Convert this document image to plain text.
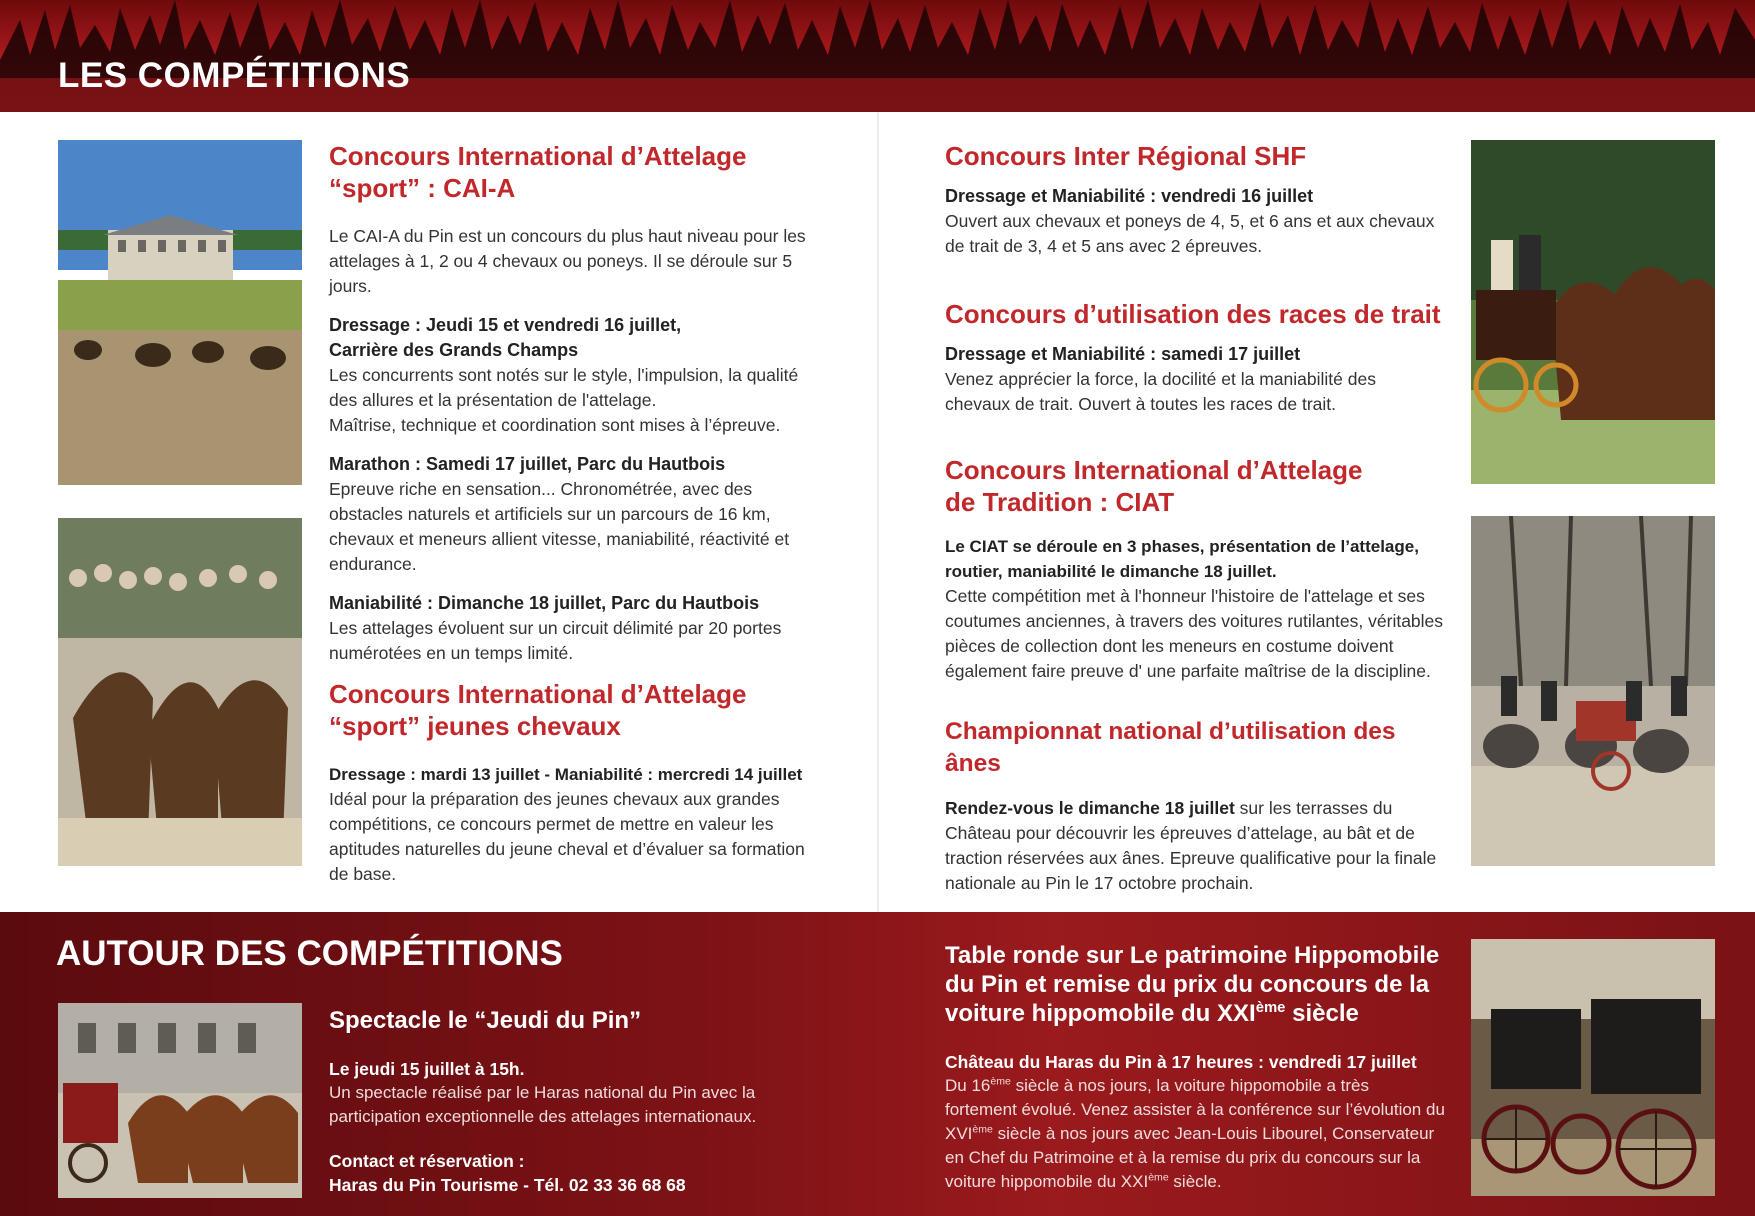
LES COMPÉTITIONS
Concours International d’Attelage
“sport” : CAI-A
Le CAI-A du Pin est un concours du plus haut niveau pour les attelages à 1, 2 ou 4 chevaux ou poneys. Il se déroule sur 5 jours.
Dressage : Jeudi 15 et vendredi 16 juillet,
Carrière des Grands Champs
Les concurrents sont notés sur le style, l'impulsion, la qualité des allures et la présentation de l'attelage.
Maîtrise, technique et coordination sont mises à l’épreuve.
Marathon : Samedi 17 juillet, Parc du Hautbois
Epreuve riche en sensation... Chronométrée, avec des obstacles naturels et artificiels sur un parcours de 16 km, chevaux et meneurs allient vitesse, maniabilité, réactivité et endurance.
Maniabilité : Dimanche 18 juillet, Parc du Hautbois
Les attelages évoluent sur un circuit délimité par 20 portes numérotées en un temps limité.
Concours International d’Attelage
“sport” jeunes chevaux
Dressage : mardi 13 juillet - Maniabilité : mercredi 14 juillet
Idéal pour la préparation des jeunes chevaux aux grandes compétitions, ce concours permet de mettre en valeur les aptitudes naturelles du jeune cheval et d’évaluer sa formation de base.
Concours Inter Régional SHF
Dressage et Maniabilité : vendredi 16 juillet
Ouvert aux chevaux et poneys de 4, 5, et 6 ans et aux chevaux de trait de 3, 4 et 5 ans avec 2 épreuves.
Concours d’utilisation des races de trait
Dressage et Maniabilité : samedi 17 juillet
Venez apprécier la force, la docilité et la maniabilité des chevaux de trait. Ouvert à toutes les races de trait.
Concours International d’Attelage
de Tradition : CIAT
Le CIAT se déroule en 3 phases, présentation de l’attelage, routier, maniabilité le dimanche 18 juillet.
Cette compétition met à l'honneur l'histoire de l'attelage et ses coutumes anciennes, à travers des voitures rutilantes, véritables pièces de collection dont les meneurs en costume doivent également faire preuve d' une parfaite maîtrise de la discipline.
Championnat national d’utilisation des ânes
Rendez-vous le dimanche 18 juillet sur les terrasses du Château pour découvrir les épreuves d’attelage, au bât et de traction réservées aux ânes. Epreuve qualificative pour la finale nationale au Pin le 17 octobre prochain.
AUTOUR DES COMPÉTITIONS
Spectacle le “Jeudi du Pin”
Le jeudi 15 juillet à 15h.
Un spectacle réalisé par le Haras national du Pin avec la participation exceptionnelle des attelages internationaux.
Contact et réservation :
Haras du Pin Tourisme - Tél. 02 33 36 68 68
Table ronde sur Le patrimoine Hippomobile
du Pin et remise du prix du concours de la
voiture hippomobile du XXIème siècle
Château du Haras du Pin à 17 heures : vendredi 17 juillet
Du 16ème siècle à nos jours, la voiture hippomobile a très fortement évolué. Venez assister à la conférence sur l’évolution du XVIème siècle à nos jours avec Jean-Louis Libourel, Conservateur en Chef du Patrimoine et à la remise du prix du concours sur la voiture hippomobile du XXIème siècle.
